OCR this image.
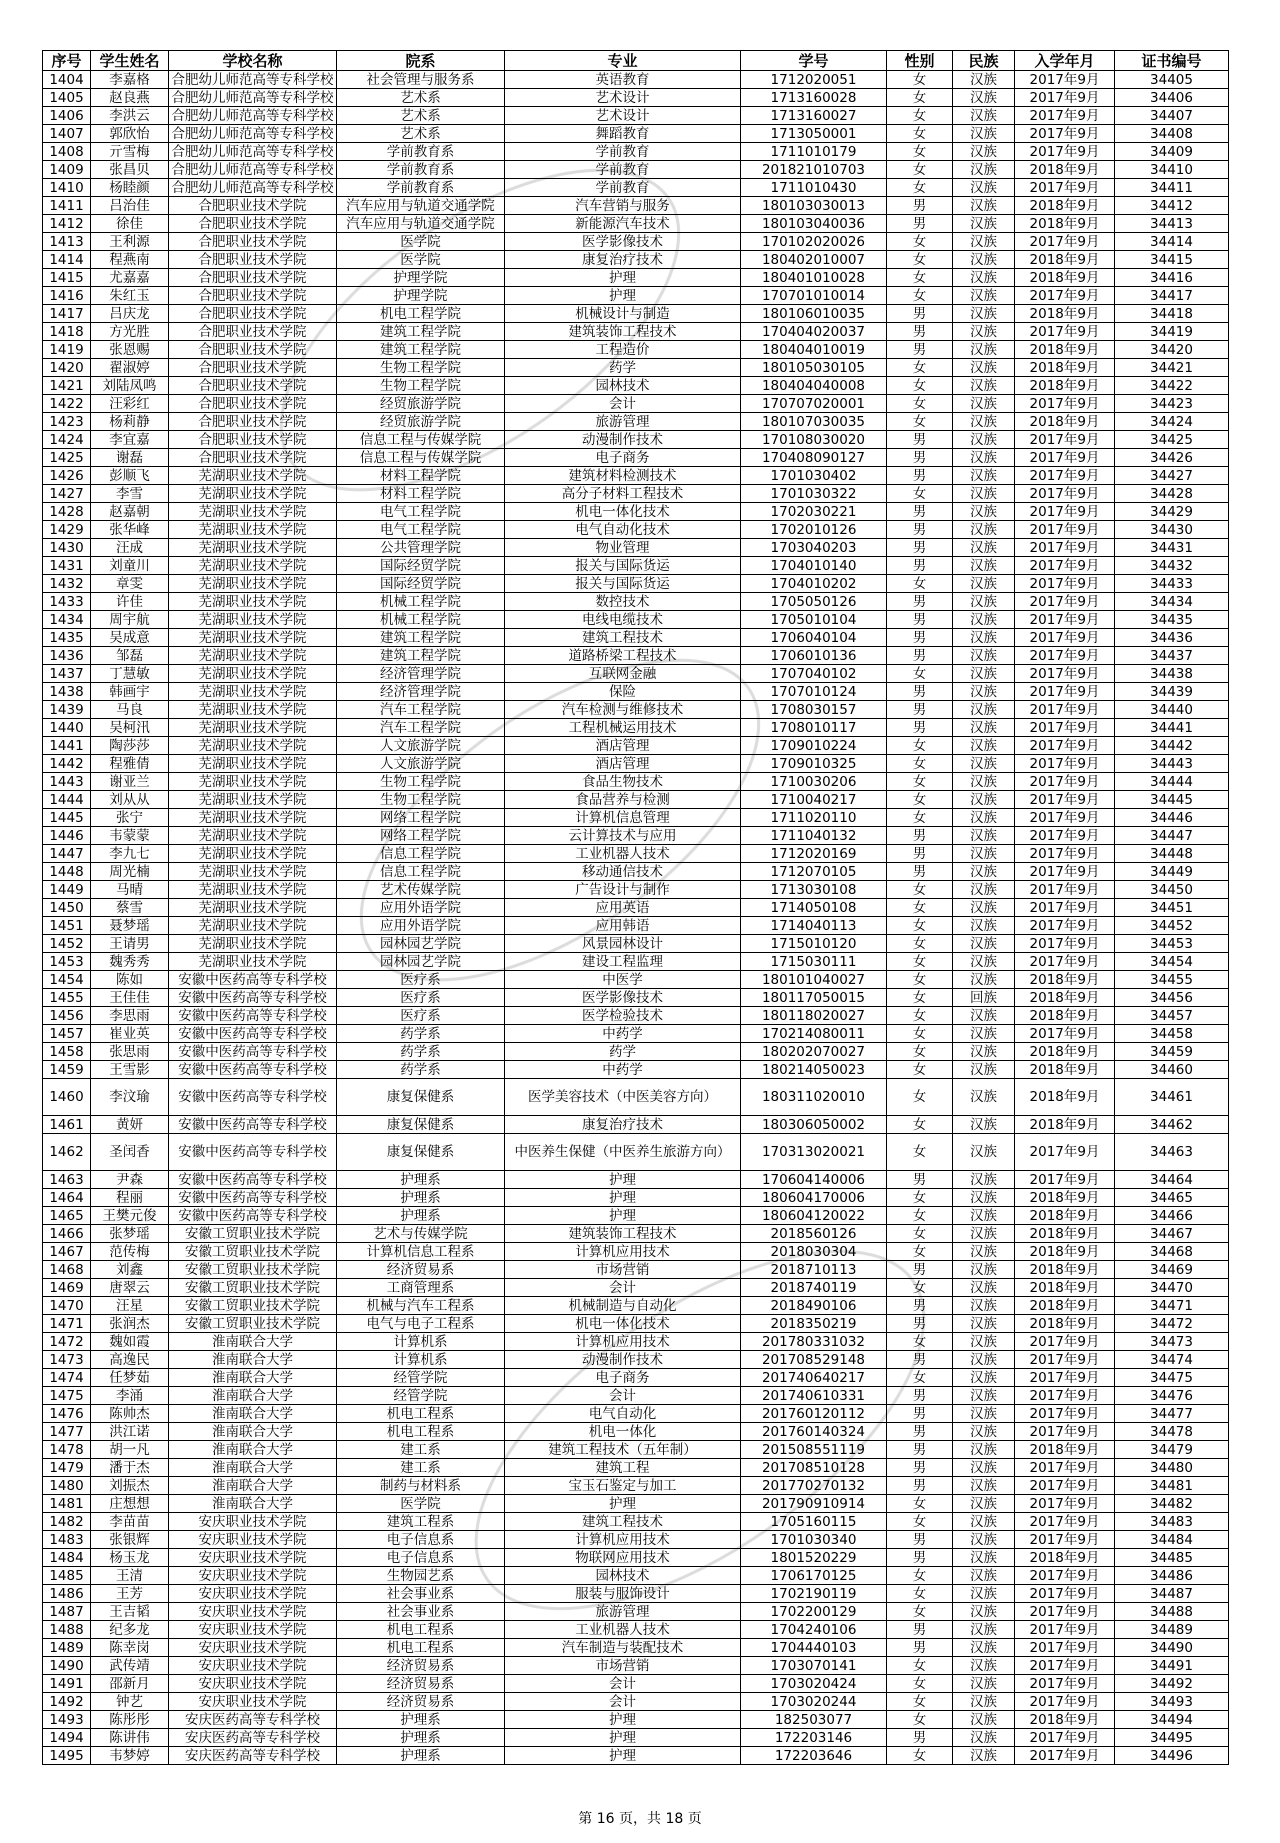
序号	学生姓名	学校名称	院系	专业	学号	性别	民族	入学年月	证书编号
1404	李嘉格	合肥幼儿师范高等专科学校	社会管理与服务系	英语教育	1712020051	女	汉族	2017年9月	34405
1405	赵良燕	合肥幼儿师范高等专科学校	艺术系	艺术设计	1713160028	女	汉族	2017年9月	34406
1406	李洪云	合肥幼儿师范高等专科学校	艺术系	艺术设计	1713160027	女	汉族	2017年9月	34407
1407	郭欣怡	合肥幼儿师范高等专科学校	艺术系	舞蹈教育	1713050001	女	汉族	2017年9月	34408
1408	亓雪梅	合肥幼儿师范高等专科学校	学前教育系	学前教育	1711010179	女	汉族	2017年9月	34409
1409	张昌贝	合肥幼儿师范高等专科学校	学前教育系	学前教育	201821010703	女	汉族	2018年9月	34410
1410	杨睦颜	合肥幼儿师范高等专科学校	学前教育系	学前教育	1711010430	女	汉族	2017年9月	34411
1411	吕治佳	合肥职业技术学院	汽车应用与轨道交通学院	汽车营销与服务	180103030013	男	汉族	2018年9月	34412
1412	徐佳	合肥职业技术学院	汽车应用与轨道交通学院	新能源汽车技术	180103040036	男	汉族	2018年9月	34413
1413	王利源	合肥职业技术学院	医学院	医学影像技术	170102020026	女	汉族	2017年9月	34414
1414	程燕南	合肥职业技术学院	医学院	康复治疗技术	180402010007	女	汉族	2018年9月	34415
1415	尤嘉嘉	合肥职业技术学院	护理学院	护理	180401010028	女	汉族	2018年9月	34416
1416	朱红玉	合肥职业技术学院	护理学院	护理	170701010014	女	汉族	2017年9月	34417
1417	吕庆龙	合肥职业技术学院	机电工程学院	机械设计与制造	180106010035	男	汉族	2018年9月	34418
1418	方光胜	合肥职业技术学院	建筑工程学院	建筑装饰工程技术	170404020037	男	汉族	2017年9月	34419
1419	张恩赐	合肥职业技术学院	建筑工程学院	工程造价	180404010019	男	汉族	2018年9月	34420
1420	翟淑婷	合肥职业技术学院	生物工程学院	药学	180105030105	女	汉族	2018年9月	34421
1421	刘陆凤鸣	合肥职业技术学院	生物工程学院	园林技术	180404040008	女	汉族	2018年9月	34422
1422	汪彩红	合肥职业技术学院	经贸旅游学院	会计	170707020001	女	汉族	2017年9月	34423
1423	杨莉静	合肥职业技术学院	经贸旅游学院	旅游管理	180107030035	女	汉族	2018年9月	34424
1424	李宜嘉	合肥职业技术学院	信息工程与传媒学院	动漫制作技术	170108030020	男	汉族	2017年9月	34425
1425	谢磊	合肥职业技术学院	信息工程与传媒学院	电子商务	170408090127	男	汉族	2017年9月	34426
1426	彭顺飞	芜湖职业技术学院	材料工程学院	建筑材料检测技术	1701030402	男	汉族	2017年9月	34427
1427	李雪	芜湖职业技术学院	材料工程学院	高分子材料工程技术	1701030322	女	汉族	2017年9月	34428
1428	赵嘉朝	芜湖职业技术学院	电气工程学院	机电一体化技术	1702030221	男	汉族	2017年9月	34429
1429	张华峰	芜湖职业技术学院	电气工程学院	电气自动化技术	1702010126	男	汉族	2017年9月	34430
1430	汪成	芜湖职业技术学院	公共管理学院	物业管理	1703040203	男	汉族	2017年9月	34431
1431	刘童川	芜湖职业技术学院	国际经贸学院	报关与国际货运	1704010140	男	汉族	2017年9月	34432
1432	章雯	芜湖职业技术学院	国际经贸学院	报关与国际货运	1704010202	女	汉族	2017年9月	34433
1433	许佳	芜湖职业技术学院	机械工程学院	数控技术	1705050126	男	汉族	2017年9月	34434
1434	周宇航	芜湖职业技术学院	机械工程学院	电线电缆技术	1705010104	男	汉族	2017年9月	34435
1435	吴成意	芜湖职业技术学院	建筑工程学院	建筑工程技术	1706040104	男	汉族	2017年9月	34436
1436	邹磊	芜湖职业技术学院	建筑工程学院	道路桥梁工程技术	1706010136	男	汉族	2017年9月	34437
1437	丁慧敏	芜湖职业技术学院	经济管理学院	互联网金融	1707040102	女	汉族	2017年9月	34438
1438	韩画宇	芜湖职业技术学院	经济管理学院	保险	1707010124	男	汉族	2017年9月	34439
1439	马良	芜湖职业技术学院	汽车工程学院	汽车检测与维修技术	1708030157	男	汉族	2017年9月	34440
1440	吴柯汛	芜湖职业技术学院	汽车工程学院	工程机械运用技术	1708010117	男	汉族	2017年9月	34441
1441	陶莎莎	芜湖职业技术学院	人文旅游学院	酒店管理	1709010224	女	汉族	2017年9月	34442
1442	程雅倩	芜湖职业技术学院	人文旅游学院	酒店管理	1709010325	女	汉族	2017年9月	34443
1443	谢亚兰	芜湖职业技术学院	生物工程学院	食品生物技术	1710030206	女	汉族	2017年9月	34444
1444	刘从从	芜湖职业技术学院	生物工程学院	食品营养与检测	1710040217	女	汉族	2017年9月	34445
1445	张宁	芜湖职业技术学院	网络工程学院	计算机信息管理	1711020110	女	汉族	2017年9月	34446
1446	韦蒙蒙	芜湖职业技术学院	网络工程学院	云计算技术与应用	1711040132	男	汉族	2017年9月	34447
1447	李九七	芜湖职业技术学院	信息工程学院	工业机器人技术	1712020169	男	汉族	2017年9月	34448
1448	周光楠	芜湖职业技术学院	信息工程学院	移动通信技术	1712070105	男	汉族	2017年9月	34449
1449	马晴	芜湖职业技术学院	艺术传媒学院	广告设计与制作	1713030108	女	汉族	2017年9月	34450
1450	蔡雪	芜湖职业技术学院	应用外语学院	应用英语	1714050108	女	汉族	2017年9月	34451
1451	聂梦瑶	芜湖职业技术学院	应用外语学院	应用韩语	1714040113	女	汉族	2017年9月	34452
1452	王请男	芜湖职业技术学院	园林园艺学院	风景园林设计	1715010120	女	汉族	2017年9月	34453
1453	魏秀秀	芜湖职业技术学院	园林园艺学院	建设工程监理	1715030111	女	汉族	2017年9月	34454
1454	陈如	安徽中医药高等专科学校	医疗系	中医学	180101040027	女	汉族	2018年9月	34455
1455	王佳佳	安徽中医药高等专科学校	医疗系	医学影像技术	180117050015	女	回族	2018年9月	34456
1456	李思雨	安徽中医药高等专科学校	医疗系	医学检验技术	180118020027	女	汉族	2018年9月	34457
1457	崔业英	安徽中医药高等专科学校	药学系	中药学	170214080011	女	汉族	2017年9月	34458
1458	张思雨	安徽中医药高等专科学校	药学系	药学	180202070027	女	汉族	2018年9月	34459
1459	王雪影	安徽中医药高等专科学校	药学系	中药学	180214050023	女	汉族	2018年9月	34460
1460	李汶瑜	安徽中医药高等专科学校	康复保健系	医学美容技术（中医美容方向）	180311020010	女	汉族	2018年9月	34461
1461	黄妍	安徽中医药高等专科学校	康复保健系	康复治疗技术	180306050002	女	汉族	2018年9月	34462
1462	圣闰香	安徽中医药高等专科学校	康复保健系	中医养生保健（中医养生旅游方向）	170313020021	女	汉族	2017年9月	34463
1463	尹森	安徽中医药高等专科学校	护理系	护理	170604140006	男	汉族	2017年9月	34464
1464	程丽	安徽中医药高等专科学校	护理系	护理	180604170006	女	汉族	2018年9月	34465
1465	王樊元俊	安徽中医药高等专科学校	护理系	护理	180604120022	女	汉族	2018年9月	34466
1466	张梦瑶	安徽工贸职业技术学院	艺术与传媒学院	建筑装饰工程技术	2018560126	女	汉族	2018年9月	34467
1467	范传梅	安徽工贸职业技术学院	计算机信息工程系	计算机应用技术	2018030304	女	汉族	2018年9月	34468
1468	刘鑫	安徽工贸职业技术学院	经济贸易系	市场营销	2018710113	男	汉族	2018年9月	34469
1469	唐翠云	安徽工贸职业技术学院	工商管理系	会计	2018740119	女	汉族	2018年9月	34470
1470	汪星	安徽工贸职业技术学院	机械与汽车工程系	机械制造与自动化	2018490106	男	汉族	2018年9月	34471
1471	张润杰	安徽工贸职业技术学院	电气与电子工程系	机电一体化技术	2018350219	男	汉族	2018年9月	34472
1472	魏如霞	淮南联合大学	计算机系	计算机应用技术	201780331032	女	汉族	2017年9月	34473
1473	高逸民	淮南联合大学	计算机系	动漫制作技术	201708529148	男	汉族	2017年9月	34474
1474	任梦茹	淮南联合大学	经管学院	电子商务	201740640217	女	汉族	2017年9月	34475
1475	李涌	淮南联合大学	经管学院	会计	201740610331	男	汉族	2017年9月	34476
1476	陈帅杰	淮南联合大学	机电工程系	电气自动化	201760120112	男	汉族	2017年9月	34477
1477	洪江诺	淮南联合大学	机电工程系	机电一体化	201760140324	男	汉族	2017年9月	34478
1478	胡一凡	淮南联合大学	建工系	建筑工程技术（五年制）	201508551119	男	汉族	2018年9月	34479
1479	潘于杰	淮南联合大学	建工系	建筑工程	201708510128	男	汉族	2017年9月	34480
1480	刘振杰	淮南联合大学	制药与材料系	宝玉石鉴定与加工	201770270132	男	汉族	2017年9月	34481
1481	庄想想	淮南联合大学	医学院	护理	201790910914	女	汉族	2017年9月	34482
1482	李苗苗	安庆职业技术学院	建筑工程系	建筑工程技术	1705160115	女	汉族	2017年9月	34483
1483	张银辉	安庆职业技术学院	电子信息系	计算机应用技术	1701030340	男	汉族	2017年9月	34484
1484	杨玉龙	安庆职业技术学院	电子信息系	物联网应用技术	1801520229	男	汉族	2018年9月	34485
1485	王清	安庆职业技术学院	生物园艺系	园林技术	1706170125	女	汉族	2017年9月	34486
1486	王芳	安庆职业技术学院	社会事业系	服装与服饰设计	1702190119	女	汉族	2017年9月	34487
1487	王吉韬	安庆职业技术学院	社会事业系	旅游管理	1702200129	女	汉族	2017年9月	34488
1488	纪多龙	安庆职业技术学院	机电工程系	工业机器人技术	1704240106	男	汉族	2017年9月	34489
1489	陈幸岗	安庆职业技术学院	机电工程系	汽车制造与装配技术	1704440103	男	汉族	2017年9月	34490
1490	武传靖	安庆职业技术学院	经济贸易系	市场营销	1703070141	女	汉族	2017年9月	34491
1491	邵新月	安庆职业技术学院	经济贸易系	会计	1703020424	女	汉族	2017年9月	34492
1492	钟艺	安庆职业技术学院	经济贸易系	会计	1703020244	女	汉族	2017年9月	34493
1493	陈彤彤	安庆医药高等专科学校	护理系	护理	182503077	女	汉族	2018年9月	34494
1494	陈讲伟	安庆医药高等专科学校	护理系	护理	172203146	男	汉族	2017年9月	34495
1495	韦梦婷	安庆医药高等专科学校	护理系	护理	172203646	女	汉族	2017年9月	34496
第 16 页，共 18 页
